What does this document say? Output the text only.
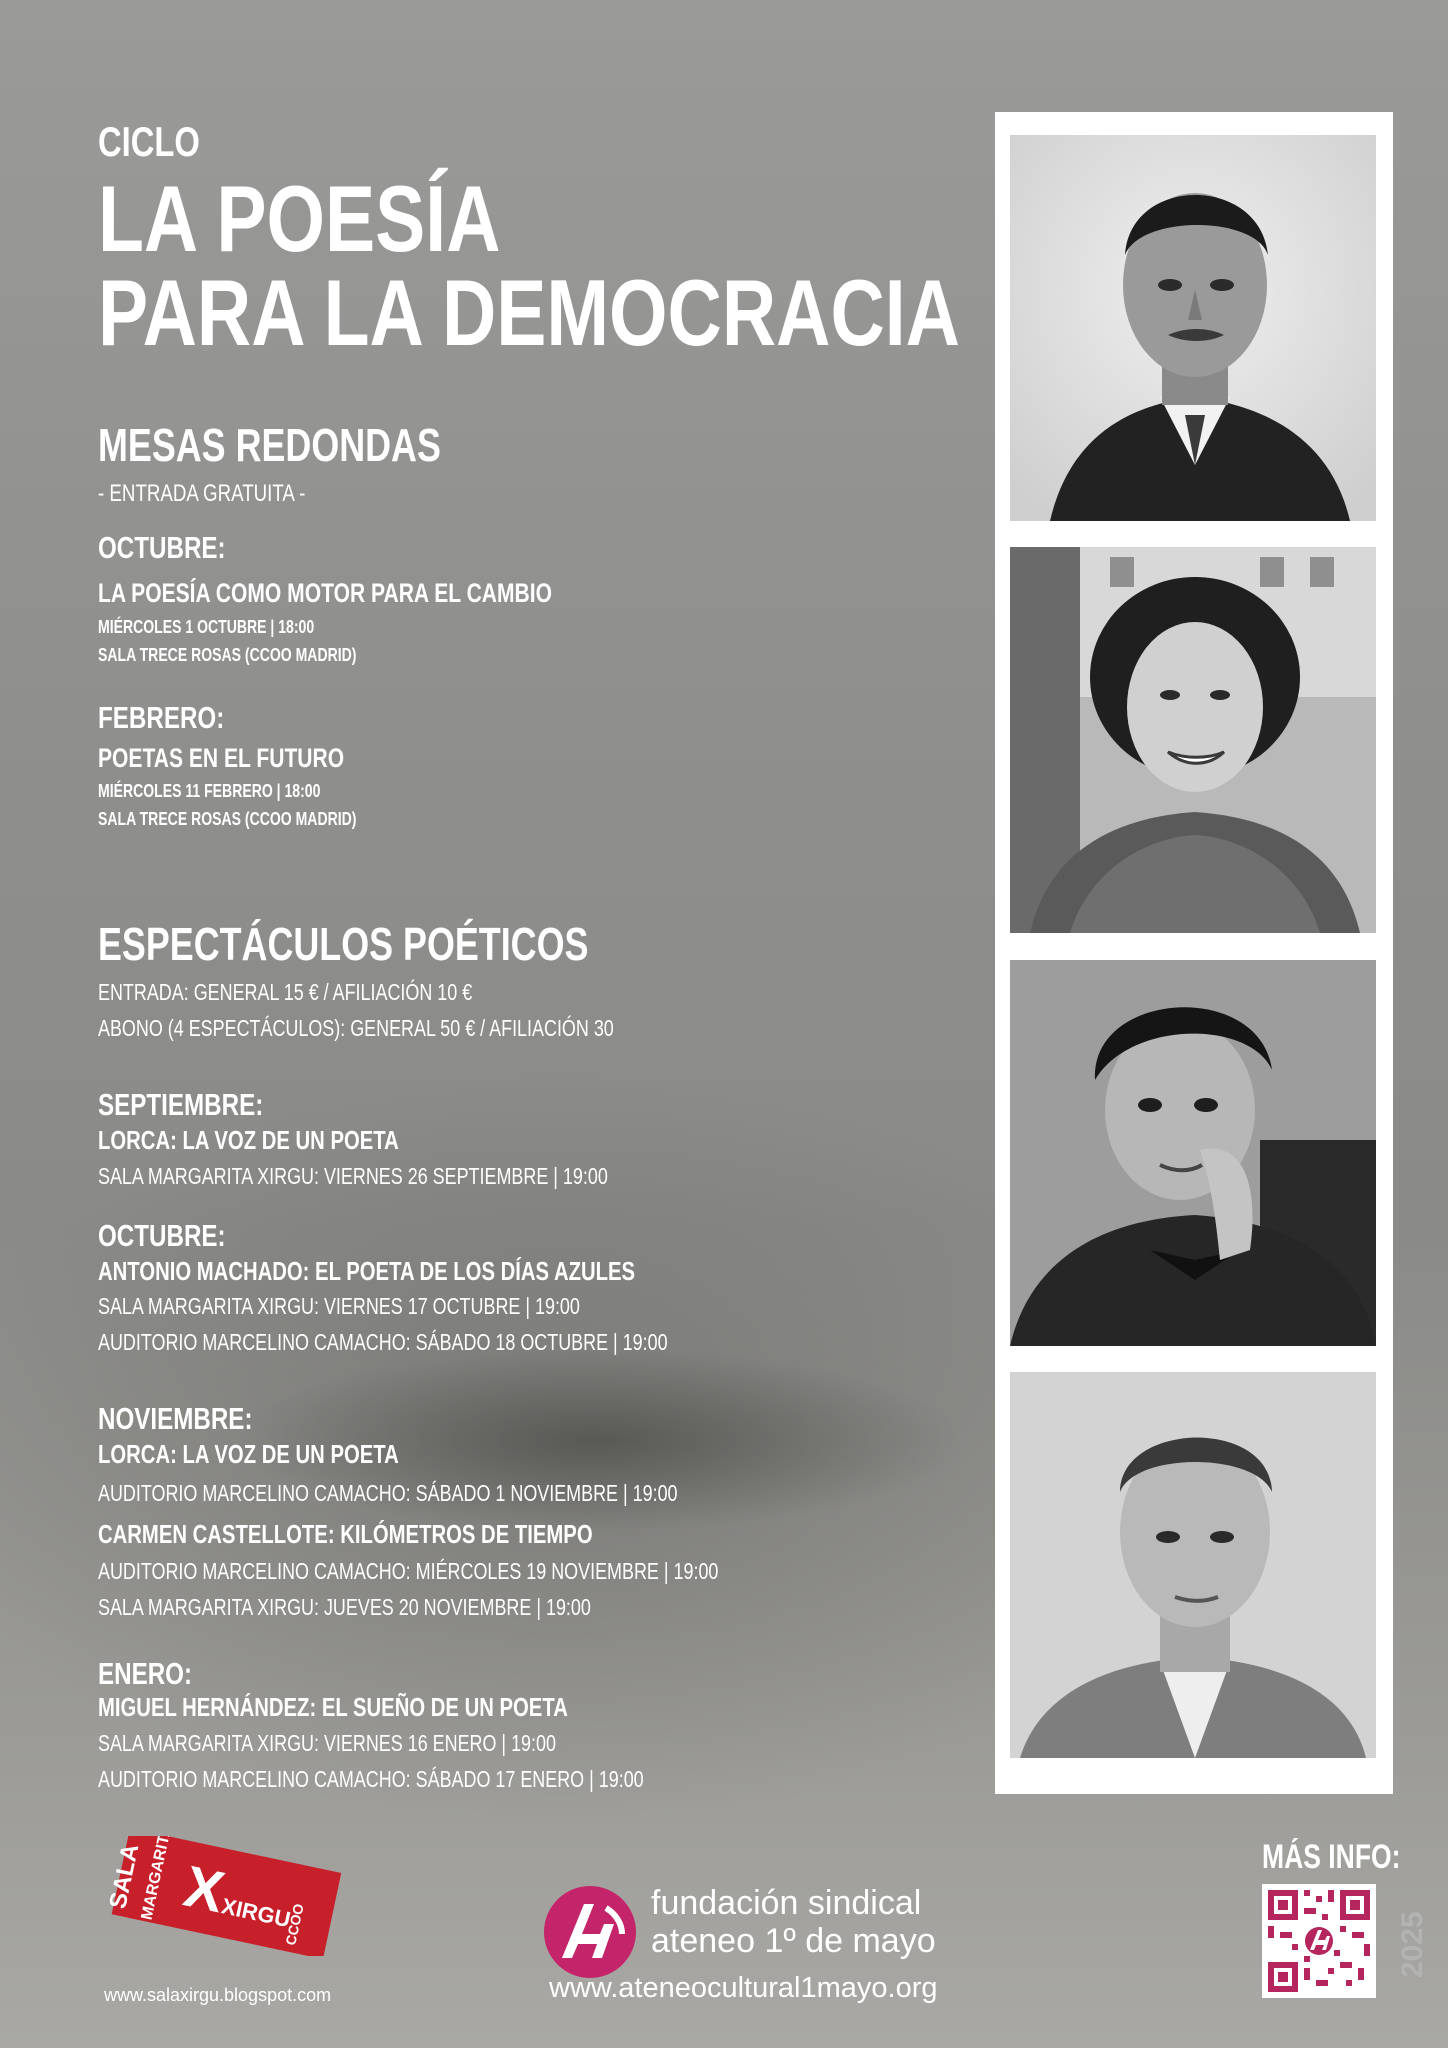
CICLO
LA POESÍA
PARA LA DEMOCRACIA
MESAS REDONDAS
- ENTRADA GRATUITA -
OCTUBRE:
LA POESÍA COMO MOTOR PARA EL CAMBIO
MIÉRCOLES 1 OCTUBRE | 18:00
SALA TRECE ROSAS (CCOO MADRID)
FEBRERO:
POETAS EN EL FUTURO
MIÉRCOLES 11 FEBRERO | 18:00
SALA TRECE ROSAS (CCOO MADRID)
ESPECTÁCULOS POÉTICOS
ENTRADA: GENERAL 15 € / AFILIACIÓN 10 €
ABONO (4 ESPECTÁCULOS): GENERAL 50 € / AFILIACIÓN 30
SEPTIEMBRE:
LORCA: LA VOZ DE UN POETA
SALA MARGARITA XIRGU: VIERNES 26 SEPTIEMBRE | 19:00
OCTUBRE:
ANTONIO MACHADO: EL POETA DE LOS DÍAS AZULES
SALA MARGARITA XIRGU: VIERNES 17 OCTUBRE | 19:00
AUDITORIO MARCELINO CAMACHO: SÁBADO 18 OCTUBRE | 19:00
NOVIEMBRE:
LORCA: LA VOZ DE UN POETA
AUDITORIO MARCELINO CAMACHO: SÁBADO 1 NOVIEMBRE | 19:00
CARMEN CASTELLOTE: KILÓMETROS DE TIEMPO
AUDITORIO MARCELINO CAMACHO: MIÉRCOLES 19 NOVIEMBRE | 19:00
SALA MARGARITA XIRGU: JUEVES 20 NOVIEMBRE | 19:00
ENERO:
MIGUEL HERNÁNDEZ: EL SUEÑO DE UN POETA
SALA MARGARITA XIRGU: VIERNES 16 ENERO | 19:00
AUDITORIO MARCELINO CAMACHO: SÁBADO 17 ENERO | 19:00
SALA
MARGARITA X
XIRGU
CCOO
www.salaxirgu.blogspot.com
fundación sindical
ateneo 1º de mayo
www.ateneocultural1mayo.org
MÁS INFO:
2025
